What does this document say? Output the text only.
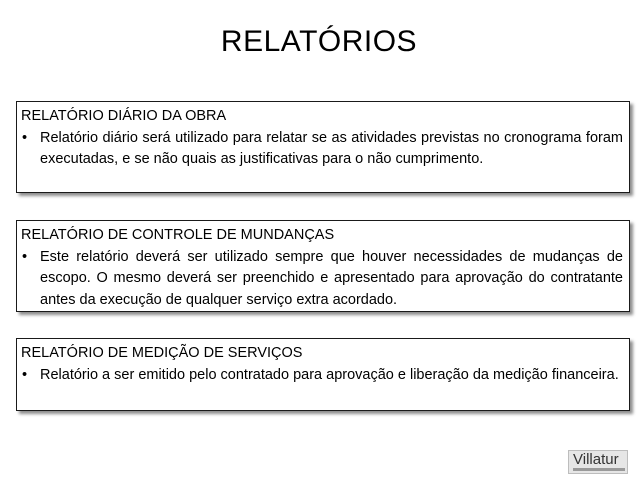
RELATÓRIOS
RELATÓRIO DIÁRIO DA OBRA
• Relatório diário será utilizado para relatar se as atividades previstas no cronograma foram executadas, e se não quais as justificativas para o não cumprimento.
RELATÓRIO DE CONTROLE DE MUNDANÇAS
• Este relatório deverá ser utilizado sempre que houver necessidades de mudanças de escopo. O mesmo deverá ser preenchido e apresentado para aprovação do contratante antes da execução de qualquer serviço extra acordado.
RELATÓRIO DE MEDIÇÃO DE SERVIÇOS
• Relatório a ser emitido pelo contratado para aprovação e liberação da medição financeira.
Villatur
